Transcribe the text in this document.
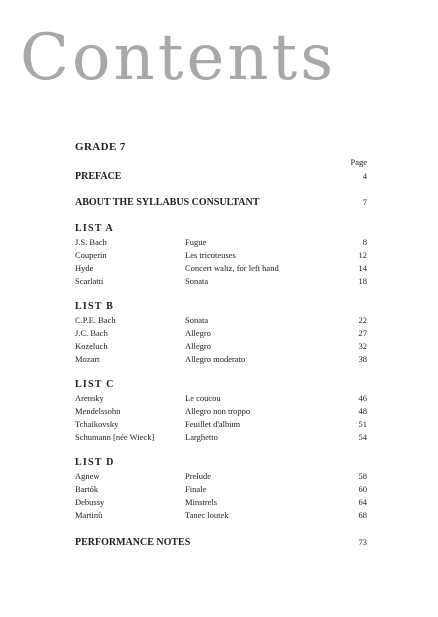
Contents
GRADE 7
Page
PREFACE	4
ABOUT THE SYLLABUS CONSULTANT	7
LIST A
J.S. Bach	Fugue	8
Couperin	Les tricoteuses	12
Hyde	Concert waltz, for left hand	14
Scarlatti	Sonata	18
LIST B
C.P.E. Bach	Sonata	22
J.C. Bach	Allegro	27
Kozeluch	Allegro	32
Mozart	Allegro moderato	38
LIST C
Arensky	Le coucou	46
Mendelssohn	Allegro non troppo	48
Tchaikovsky	Feuillet d'album	51
Schumann [née Wieck]	Larghetto	54
LIST D
Agnew	Prelude	58
Bartók	Finale	60
Debussy	Minstrels	64
Martinů	Tanec loutek	68
PERFORMANCE NOTES	73
